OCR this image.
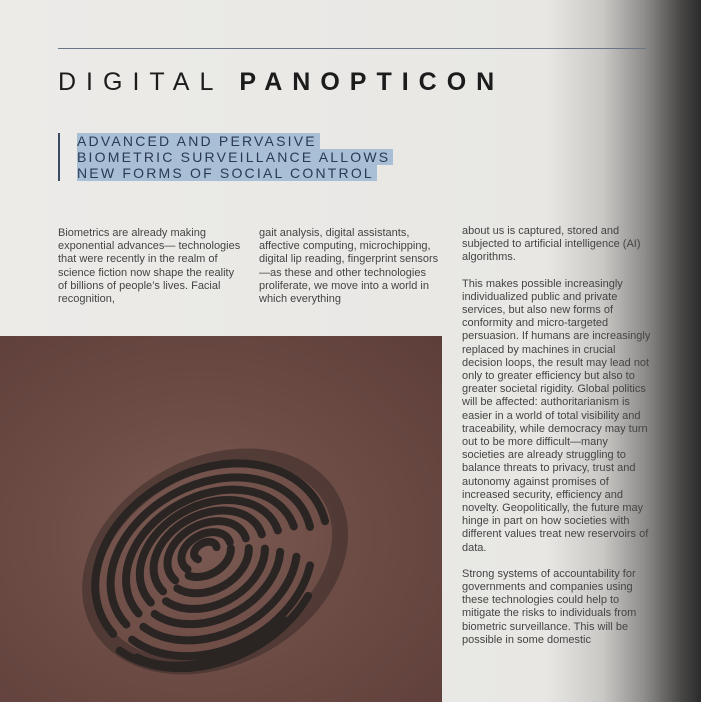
DIGITAL PANOPTICON
ADVANCED AND PERVASIVE
BIOMETRIC SURVEILLANCE ALLOWS
NEW FORMS OF SOCIAL CONTROL

Biometrics are already making exponential advances— technologies that were recently in the realm of science fiction now shape the reality of billions of people’s lives. Facial recognition,

gait analysis, digital assistants, affective computing, microchipping, digital lip reading, fingerprint sensors—as these and other technologies proliferate, we move into a world in which everything

about us is captured, stored and subjected to artificial intelligence (AI) algorithms.

This makes possible increasingly individualized public and private services, but also new forms of conformity and micro-targeted persuasion. If humans are increasingly replaced by machines in crucial decision loops, the result may lead not only to greater efficiency but also to greater societal rigidity. Global politics will be affected: authoritarianism is easier in a world of total visibility and traceability, while democracy may turn out to be more difficult—many societies are already struggling to balance threats to privacy, trust and autonomy against promises of increased security, efficiency and novelty. Geopolitically, the future may hinge in part on how societies with different values treat new reservoirs of data.

Strong systems of accountability for governments and companies using these technologies could help to mitigate the risks to individuals from biometric surveillance. This will be possible in some domestic
